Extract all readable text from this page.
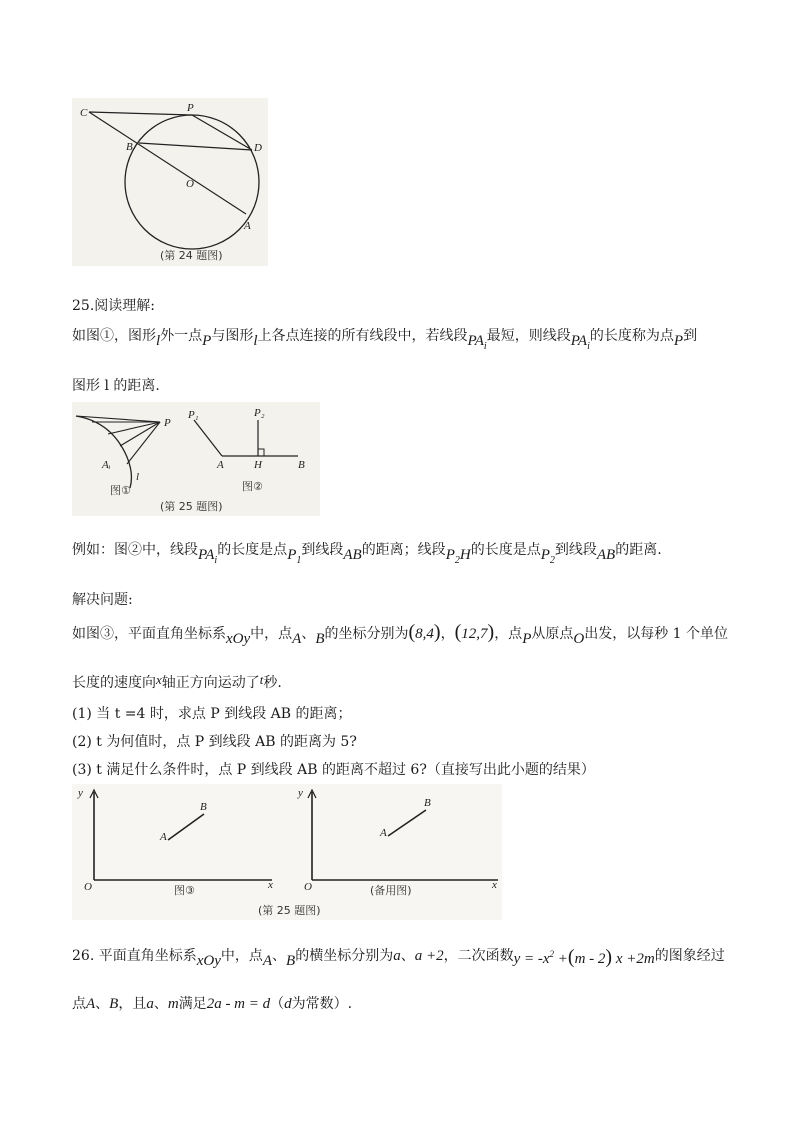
C	P
B	D
O
A
(第 24 题图)
25.阅读理解:
如图①，图形l外一点P与图形l上各点连接的所有线段中，若线段$PA_i$最短，则线段$PA_i$的长度称为点P到
图形 l 的距离.
P
Aᵢ
l
图①
P₁	P₂
A	H	B
图②
(第 25 题图)
例如：图②中，线段$PA_i$的长度是点$P_1$到线段AB的距离；线段$P_2H$的长度是点$P_2$到线段AB的距离.
解决问题:
如图③，平面直角坐标系xOy中，点A、B的坐标分别为(8,4)，(12,7)，点P从原点O出发，以每秒 1 个单位
长度的速度向x轴正方向运动了t秒.
(1) 当 t =4 时，求点 P 到线段 AB 的距离；
(2) t 为何值时，点 P 到线段 AB 的距离为 5?
(3) t 满足什么条件时，点 P 到线段 AB 的距离不超过 6?（直接写出此小题的结果）
y
x
O
A
B
图③
y
x
O
A
B
(备用图)
(第 25 题图)
26. 平面直角坐标系xOy中，点A、B的横坐标分别为a、a +2，二次函数$y = -x^2 +(m - 2)$ x +2m的图象经过
点A、B，且a、m满足2a - m = d（d为常数）.
